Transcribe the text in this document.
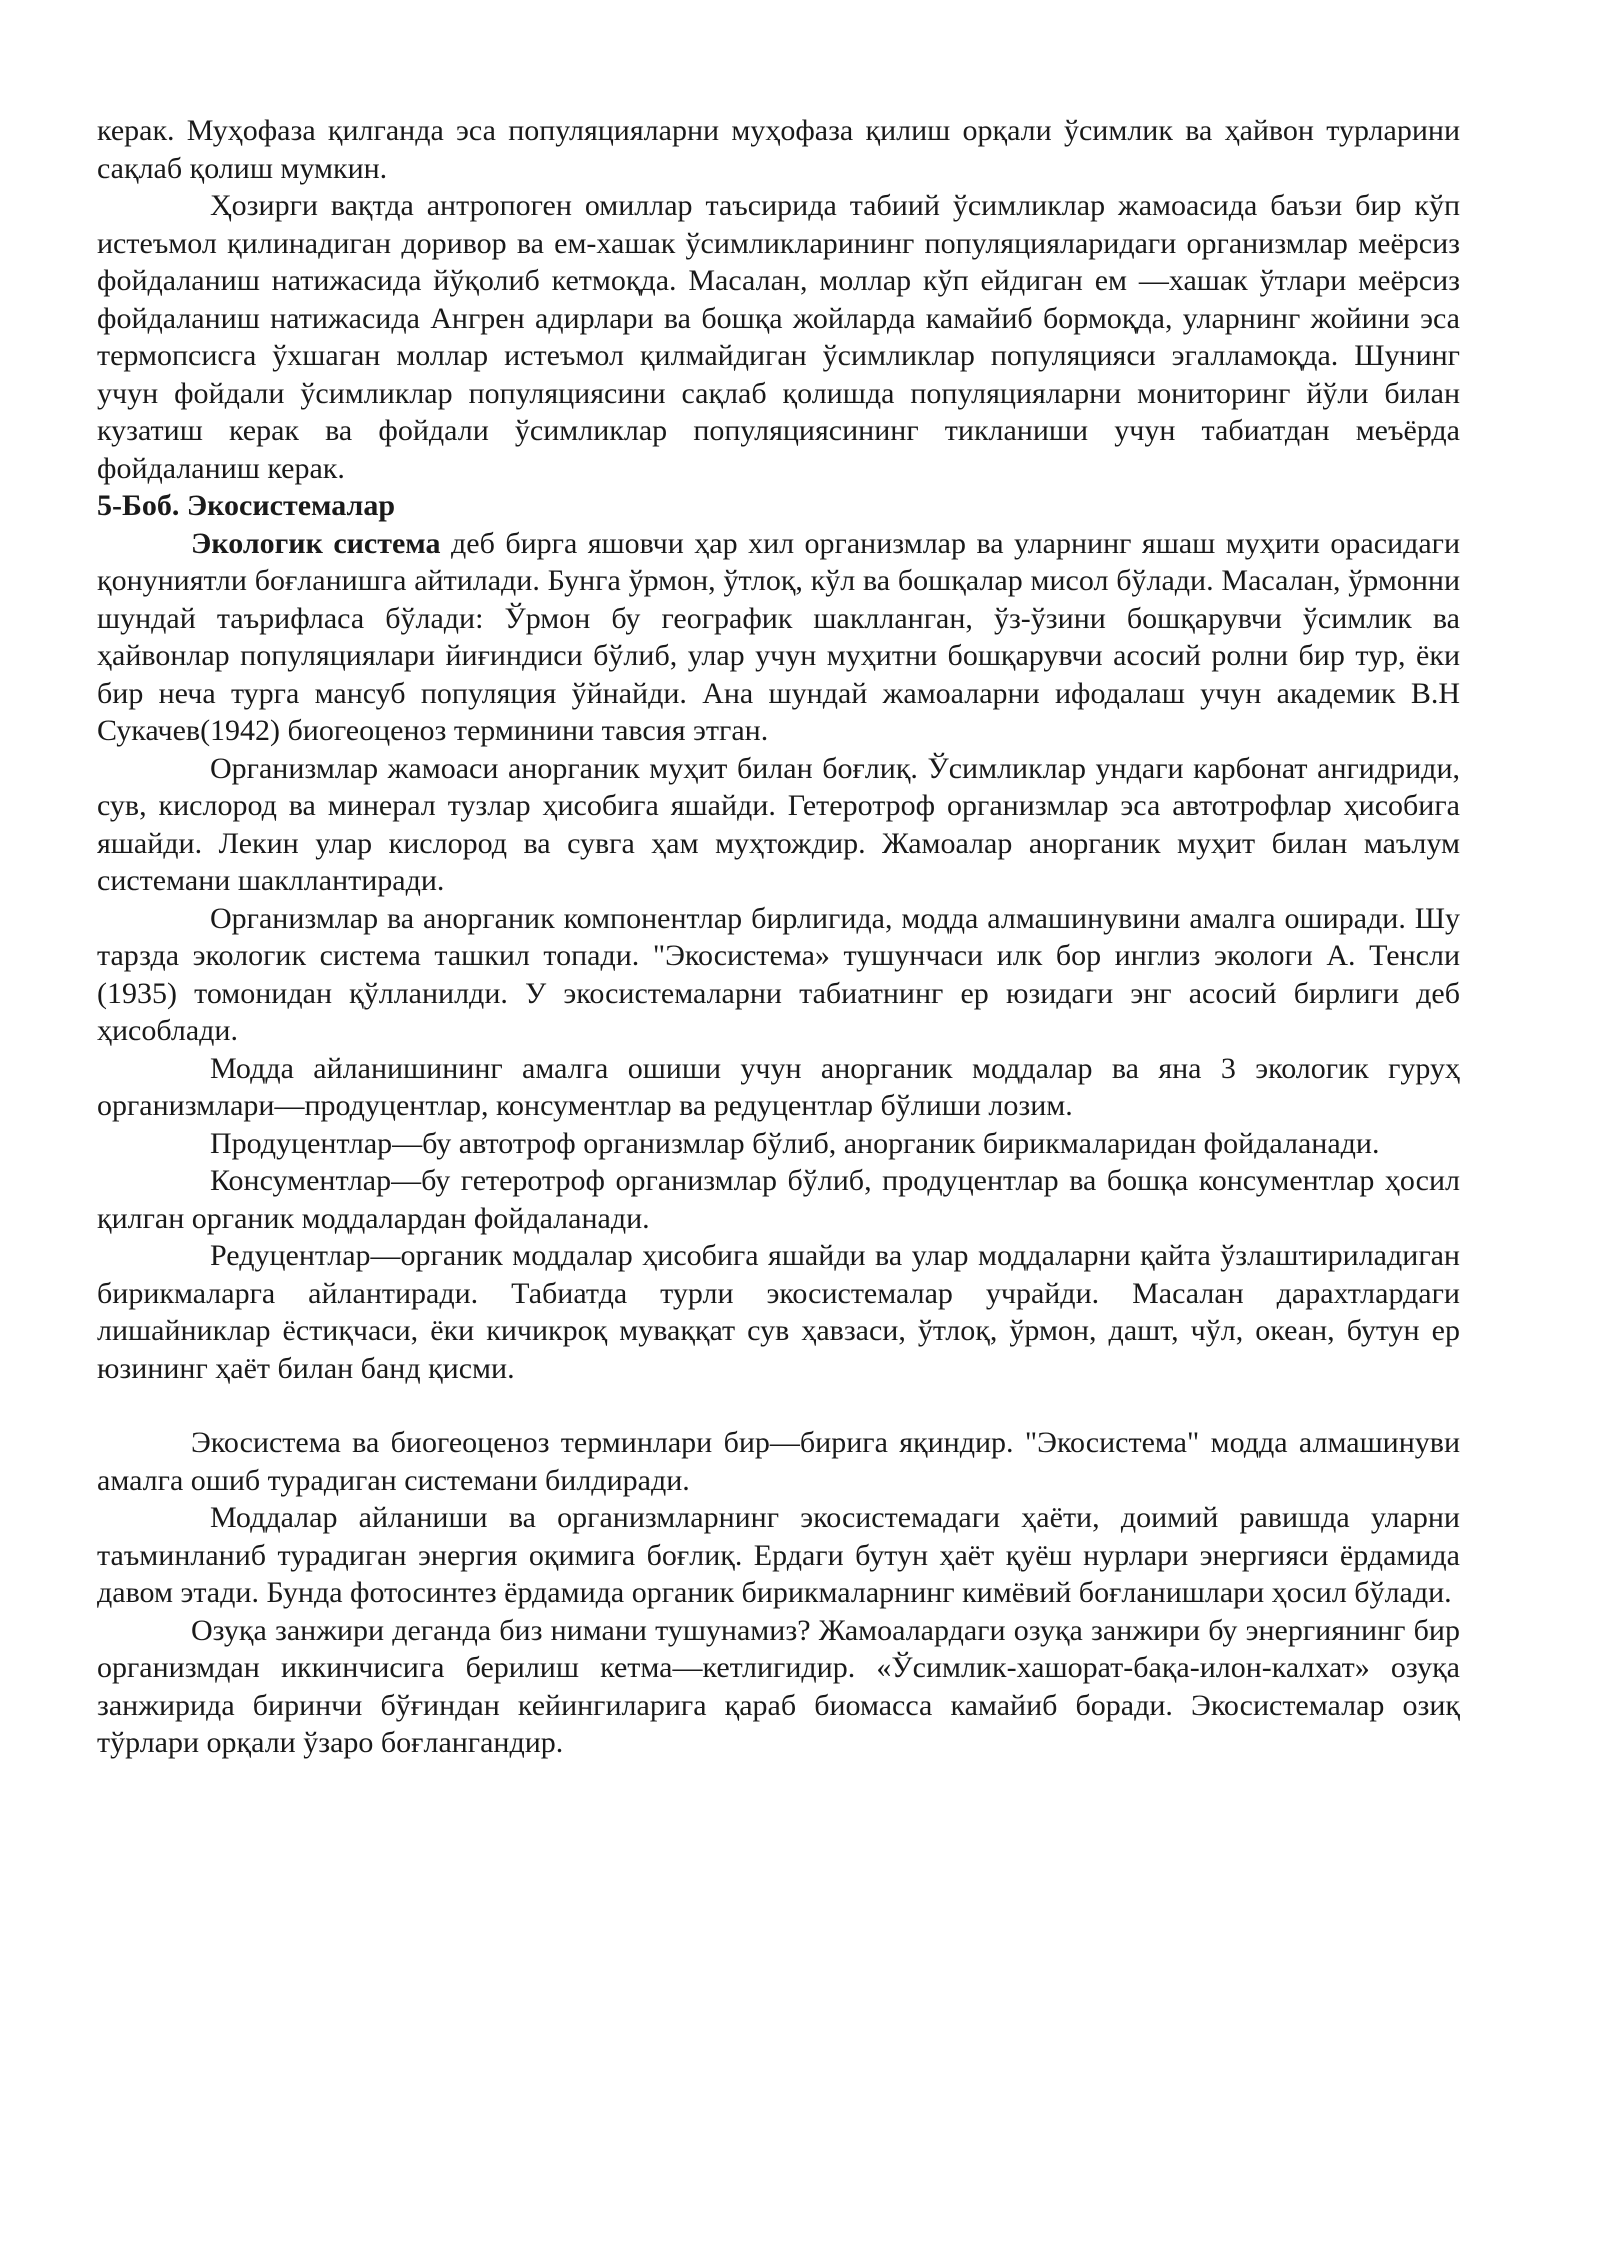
керак. Муҳофаза қилганда эса популяцияларни муҳофаза қилиш орқали ўсимлик ва ҳайвон турларини сақлаб қолиш мумкин.

Ҳозирги вақтда антропоген омиллар таъсирида табиий ўсимликлар жамоасида баъзи бир кўп истеъмол қилинадиган доривор ва ем-хашак ўсимликларининг популяцияларидаги организмлар меёрсиз фойдаланиш натижасида йўқолиб кетмоқда. Масалан, моллар кўп ейдиган ем —хашак ўтлари меёрсиз фойдаланиш натижасида Ангрен адирлари ва бошқа жойларда камайиб бормоқда, уларнинг жойини эса термопсисга ўхшаган моллар истеъмол қилмайдиган ўсимликлар популяцияси эгалламоқда. Шунинг учун фойдали ўсимликлар популяциясини сақлаб қолишда популяцияларни мониторинг йўли билан кузатиш керак ва фойдали ўсимликлар популяциясининг тикланиши учун табиатдан меъёрда фойдаланиш керак.

5-Боб. Экосистемалар

Экологик система деб бирга яшовчи ҳар хил организмлар ва уларнинг яшаш муҳити орасидаги қонуниятли боғланишга айтилади. Бунга ўрмон, ўтлоқ, кўл ва бошқалар мисол бўлади. Масалан, ўрмонни шундай таърифласа бўлади: Ўрмон бу географик шаклланган, ўз-ўзини бошқарувчи ўсимлик ва ҳайвонлар популяциялари йиғиндиси бўлиб, улар учун муҳитни бошқарувчи асосий ролни бир тур, ёки бир неча турга мансуб популяция ўйнайди. Ана шундай жамоаларни ифодалаш учун академик В.Н Сукачев(1942) биогеоценоз терминини тавсия этган.

Организмлар жамоаси анорганик муҳит билан боғлиқ. Ўсимликлар ундаги карбонат ангидриди, сув, кислород ва минерал тузлар ҳисобига яшайди. Гетеротроф организмлар эса автотрофлар ҳисобига яшайди. Лекин улар кислород ва сувга ҳам муҳтождир. Жамоалар анорганик муҳит билан маълум системани шакллантиради.

Организмлар ва анорганик компонентлар бирлигида, модда алмашинувини амалга оширади. Шу тарзда экологик система ташкил топади. "Экосистема» тушунчаси илк бор инглиз экологи А. Тенсли (1935) томонидан қўлланилди. У экосистемаларни табиатнинг ер юзидаги энг асосий бирлиги деб ҳисоблади.

Модда айланишининг амалга ошиши учун анорганик моддалар ва яна 3 экологик гуруҳ организмлари—продуцентлар, консументлар ва редуцентлар бўлиши лозим.

Продуцентлар—бу автотроф организмлар бўлиб, анорганик бирикмаларидан фойдаланади.

Консументлар—бу гетеротроф организмлар бўлиб, продуцентлар ва бошқа консументлар ҳосил қилган органик моддалардан фойдаланади.

Редуцентлар—органик моддалар ҳисобига яшайди ва улар моддаларни қайта ўзлаштириладиган бирикмаларга айлантиради. Табиатда турли экосистемалар учрайди. Масалан дарахтлардаги лишайниклар ёстиқчаси, ёки кичикроқ муваққат сув ҳавзаси, ўтлоқ, ўрмон, дашт, чўл, океан, бутун ер юзининг ҳаёт билан банд қисми.

Экосистема ва биогеоценоз терминлари бир—бирига яқиндир. "Экосистема" модда алмашинуви амалга ошиб турадиган системани билдиради.

Моддалар айланиши ва организмларнинг экосистемадаги ҳаёти, доимий равишда уларни таъминланиб турадиган энергия оқимига боғлиқ. Ердаги бутун ҳаёт қуёш нурлари энергияси ёрдамида давом этади. Бунда фотосинтез ёрдамида органик бирикмаларнинг кимёвий боғланишлари ҳосил бўлади.

Озуқа занжири деганда биз нимани тушунамиз? Жамоалардаги озуқа занжири бу энергиянинг бир организмдан иккинчисига берилиш кетма—кетлигидир. «Ўсимлик-хашорат-бақа-илон-калхат» озуқа занжирида биринчи бўғиндан кейингиларига қараб биомасса камайиб боради. Экосистемалар озиқ тўрлари орқали ўзаро боғлангандир.
